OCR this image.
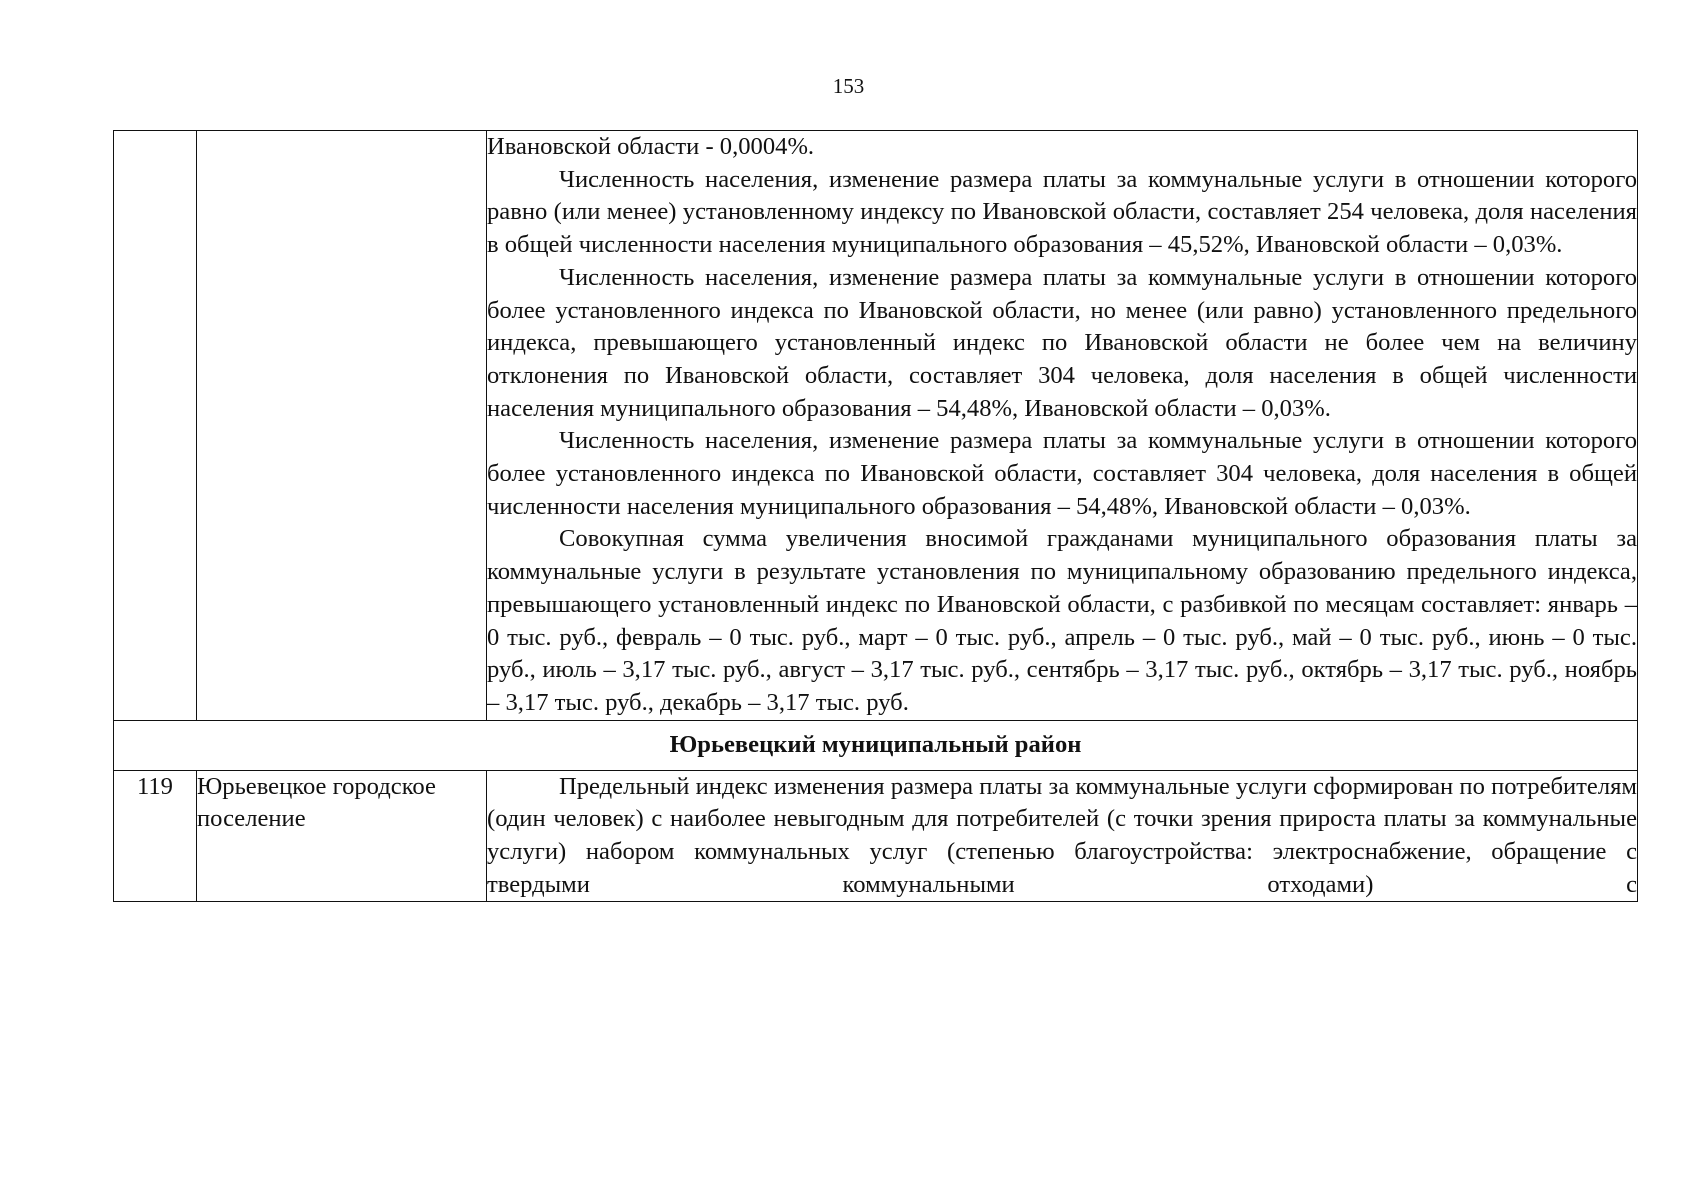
153

		Ивановской области - 0,0004%.

Численность населения, изменение размера платы за коммунальные услуги в отношении которого равно (или менее) установленному индексу по Ивановской области, составляет 254 человека, доля населения в общей численности населения муниципального образования – 45,52%, Ивановской области – 0,03%.

Численность населения, изменение размера платы за коммунальные услуги в отношении которого более установленного индекса по Ивановской области, но менее (или равно) установленного предельного индекса, превышающего установленный индекс по Ивановской области не более чем на величину отклонения по Ивановской области, составляет 304 человека, доля населения в общей численности населения муниципального образования – 54,48%, Ивановской области – 0,03%.

Численность населения, изменение размера платы за коммунальные услуги в отношении которого более установленного индекса по Ивановской области, составляет 304 человека, доля населения в общей численности населения муниципального образования – 54,48%, Ивановской области – 0,03%.

Совокупная сумма увеличения вносимой гражданами муниципального образования платы за коммунальные услуги в результате установления по муниципальному образованию предельного индекса, превышающего установленный индекс по Ивановской области, с разбивкой по месяцам составляет: январь – 0 тыс. руб., февраль – 0 тыс. руб., март – 0 тыс. руб., апрель – 0 тыс. руб., май – 0 тыс. руб., июнь – 0 тыс. руб., июль – 3,17 тыс. руб., август – 3,17 тыс. руб., сентябрь – 3,17 тыс. руб., октябрь – 3,17 тыс. руб., ноябрь – 3,17 тыс. руб., декабрь – 3,17 тыс. руб.

Юрьевецкий муниципальный район		
119	Юрьевецкое городское поселение	Предельный индекс изменения размера платы за коммунальные услуги сформирован по потребителям (один человек) с наиболее невыгодным для потребителей (с точки зрения прироста платы за коммунальные услуги) набором коммунальных услуг (степенью благоустройства: электроснабжение, обращение с твердыми коммунальными отходами) с
